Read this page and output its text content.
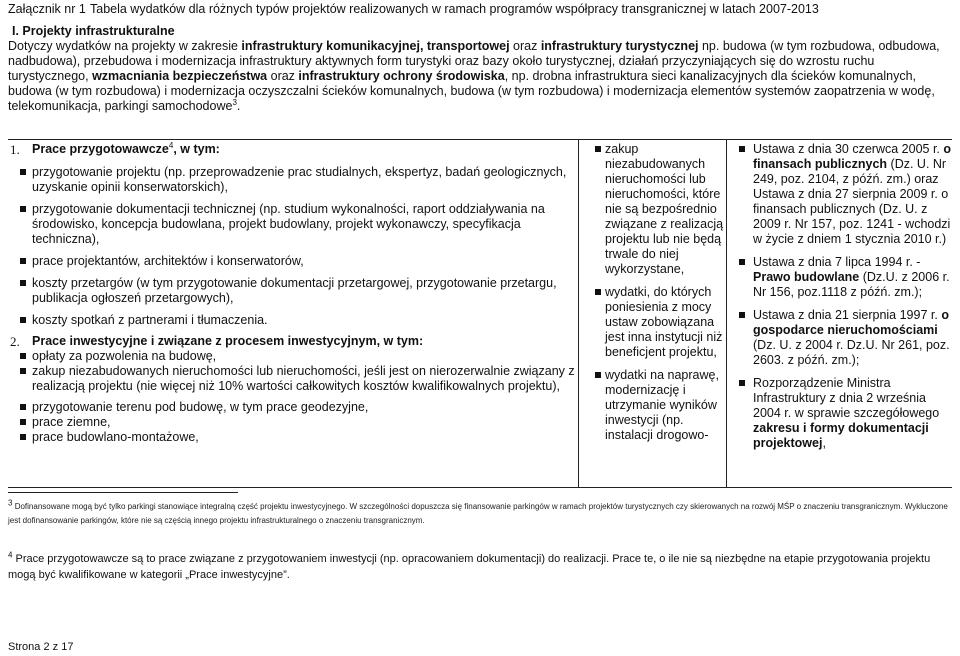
Załącznik nr 1 Tabela wydatków dla różnych typów projektów realizowanych w ramach programów współpracy transgranicznej w latach 2007-2013
I. Projekty infrastrukturalne

Dotyczy wydatków na projekty w zakresie infrastruktury komunikacyjnej, transportowej oraz infrastruktury turystycznej np. budowa (w tym rozbudowa, odbudowa, nadbudowa), przebudowa i modernizacja infrastruktury aktywnych form turystyki oraz bazy około turystycznej, działań przyczyniających się do wzrostu ruchu turystycznego, wzmacniania bezpieczeństwa oraz infrastruktury ochrony środowiska, np. drobna infrastruktura sieci kanalizacyjnych dla ścieków komunalnych, budowa (w tym rozbudowa) i modernizacja oczyszczalni ścieków komunalnych, budowa (w tym rozbudowa) i modernizacja elementów systemów zaopatrzenia w wodę, telekomunikacja, parkingi samochodowe$^3$.

1. Prace przygotowawcze$^4$, w tym:

przygotowanie projektu (np. przeprowadzenie prac studialnych, ekspertyz, badań geologicznych, uzyskanie opinii konserwatorskich),

przygotowanie dokumentacji technicznej (np. studium wykonalności, raport oddziaływania na środowisko, koncepcja budowlana, projekt budowlany, projekt wykonawczy, specyfikacja techniczna),

prace projektantów, architektów i konserwatorów,

koszty przetargów (w tym przygotowanie dokumentacji przetargowej, przygotowanie przetargu, publikacja ogłoszeń przetargowych),

koszty spotkań z partnerami i tłumaczenia.

2. Prace inwestycyjne i związane z procesem inwestycyjnym, w tym:

opłaty za pozwolenia na budowę,

zakup niezabudowanych nieruchomości lub nieruchomości, jeśli jest on nierozerwalnie związany z realizacją projektu (nie więcej niż 10% wartości całkowitych kosztów kwalifikowalnych projektu),

przygotowanie terenu pod budowę, w tym prace geodezyjne,

prace ziemne,

prace budowlano-montażowe,

zakup niezabudowanych nieruchomości lub nieruchomości, które nie są bezpośrednio związane z realizacją projektu lub nie będą trwale do niej wykorzystane,

wydatki, do których poniesienia z mocy ustaw zobowiązana jest inna instytucji niż beneficjent projektu,

wydatki na naprawę, modernizację i utrzymanie wyników inwestycji (np. instalacji drogowo-

Ustawa z dnia 30 czerwca 2005 r. o finansach publicznych (Dz. U. Nr 249, poz. 2104, z późń. zm.) oraz Ustawa z dnia 27 sierpnia 2009 r. o finansach publicznych (Dz. U. z 2009 r. Nr 157, poz. 1241 - wchodzi w życie z dniem 1 stycznia 2010 r.)

Ustawa z dnia 7 lipca 1994 r. - Prawo budowlane (Dz.U. z 2006 r. Nr 156, poz.1118 z późń. zm.);

Ustawa z dnia 21 sierpnia 1997 r. o gospodarce nieruchomościami (Dz. U. z 2004 r. Dz.U. Nr 261, poz. 2603. z późń. zm.);

Rozporządzenie Ministra Infrastruktury z dnia 2 września 2004 r. w sprawie szczegółowego zakresu i formy dokumentacji projektowej,

$^3$ Dofinansowane mogą być tylko parkingi stanowiące integralną część projektu inwestycyjnego. W szczególności dopuszcza się finansowanie parkingów w ramach projektów turystycznych czy skierowanych na rozwój MŚP o znaczeniu transgranicznym. Wykluczone jest dofinansowanie parkingów, które nie są częścią innego projektu infrastrukturalnego o znaczeniu transgranicznym.
$^4$ Prace przygotowawcze są to prace związane z przygotowaniem inwestycji (np. opracowaniem dokumentacji) do realizacji. Prace te, o ile nie są niezbędne na etapie przygotowania projektu mogą być kwalifikowane w kategorii „Prace inwestycyjne”.
Strona 2 z 17
